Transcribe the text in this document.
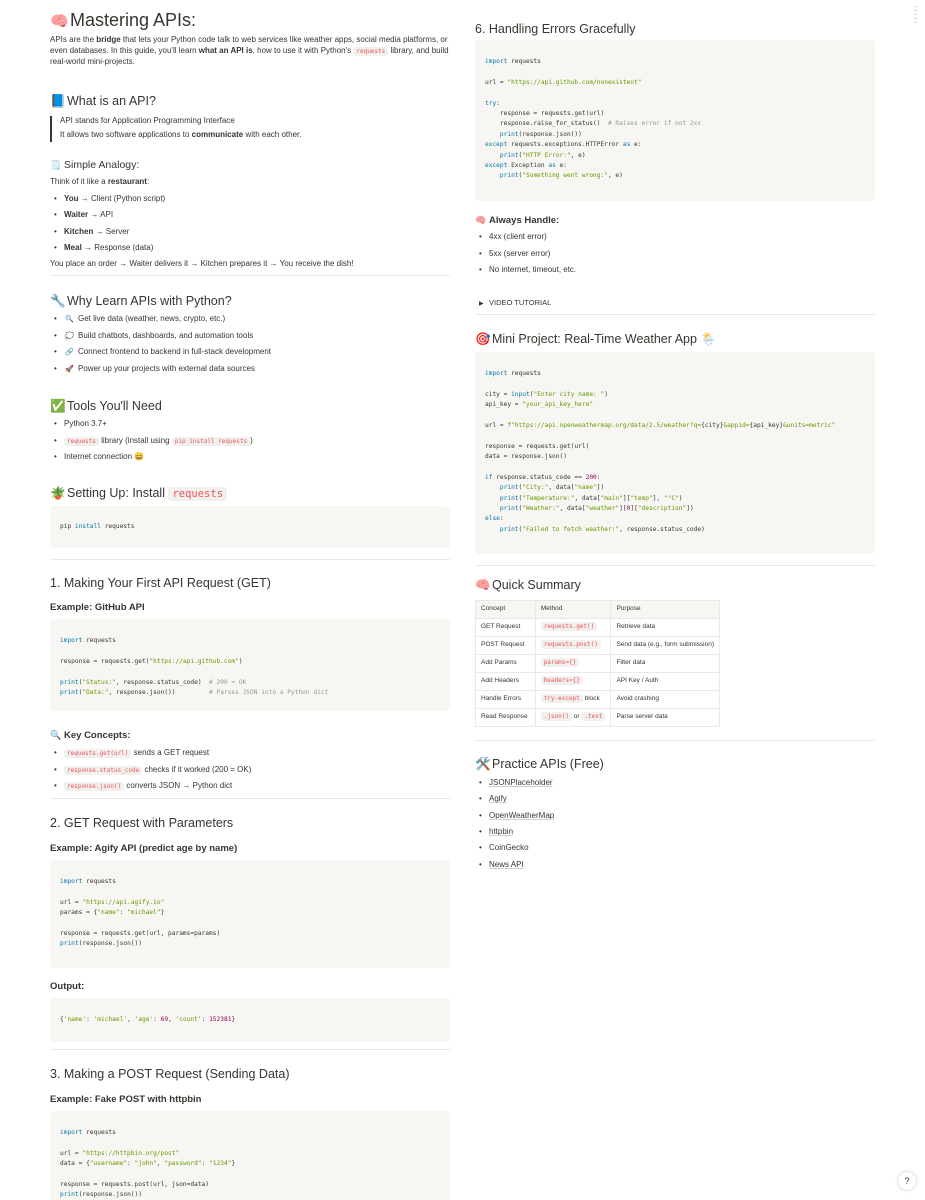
🧠Mastering APIs:
APIs are the bridge that lets your Python code talk to web services like weather apps, social media platforms, or even databases. In this guide, you'll learn what an API is, how to use it with Python's requests library, and build real-world mini-projects.
📘What is an API?
API stands for Application Programming Interface
It allows two software applications to communicate with each other.
🗒️ Simple Analogy:
Think of it like a restaurant:
• You → Client (Python script)
• Waiter → API
• Kitchen → Server
• Meal → Response (data)
You place an order → Waiter delivers it → Kitchen prepares it → You receive the dish!
🔧Why Learn APIs with Python?
• 🔍 Get live data (weather, news, crypto, etc.)
• 💭 Build chatbots, dashboards, and automation tools
• 🔗 Connect frontend to backend in full-stack development
• 🚀 Power up your projects with external data sources
✅Tools You'll Need
• Python 3.7+
• requests library (install using pip install requests )
• Internet connection 😄
🪴Setting Up: Install requests
pip install requests
1. Making Your First API Request (GET)
Example: GitHub API
import requests
response = requests.get("https://api.github.com")
print("Status:", response.status_code)  # 200 = OK
print("Data:", response.json())         # Parses JSON into a Python dict
🔍 Key Concepts:
• requests.get(url) sends a GET request
• response.status_code checks if it worked (200 = OK)
• response.json() converts JSON → Python dict
2. GET Request with Parameters
Example: Agify API (predict age by name)
import requests
url = "https://api.agify.io"
params = {"name": "michael"}
response = requests.get(url, params=params)
print(response.json())
Output:
{'name': 'michael', 'age': 69, 'count': 152381}
3. Making a POST Request (Sending Data)
Example: Fake POST with httpbin
import requests
url = "https://httpbin.org/post"
data = {"username": "john", "password": "1234"}
response = requests.post(url, json=data)
print(response.json())
6. Handling Errors Gracefully
import requests
url = "https://api.github.com/nonexistent"
try:
response = requests.get(url)
response.raise_for_status()  # Raises error if not 2xx
print(response.json())
except requests.exceptions.HTTPError as e:
print("HTTP Error:", e)
except Exception as e:
print("Something went wrong:", e)
🧠 Always Handle:
• 4xx (client error)
• 5xx (server error)
• No internet, timeout, etc.
▶ VIDEO TUTORIAL
🎯Mini Project: Real-Time Weather App 🌦️
import requests
city = input("Enter city name: ")
api_key = "your_api_key_here"
url = f"https://api.openweathermap.org/data/2.5/weather?q={city}&appid={api_key}&units=metric"
response = requests.get(url)
data = response.json()
if response.status_code == 200:
print("City:", data["name"])
print("Temperature:", data["main"]["temp"], "°C")
print("Weather:", data["weather"][0]["description"])
else:
print("Failed to fetch weather:", response.status_code)
🧠Quick Summary
Concept	Method	Purpose
GET Request	requests.get()	Retrieve data
POST Request	requests.post()	Send data (e.g., form submission)
Add Params	params={}	Filter data
Add Headers	headers={}	API Key / Auth
Handle Errors	try-except block	Avoid crashing
Read Response	.json() or .text	Parse server data
🛠️Practice APIs (Free)
• JSONPlaceholder
• Agify
• OpenWeatherMap
• httpbin
• CoinGecko
• News API
?
